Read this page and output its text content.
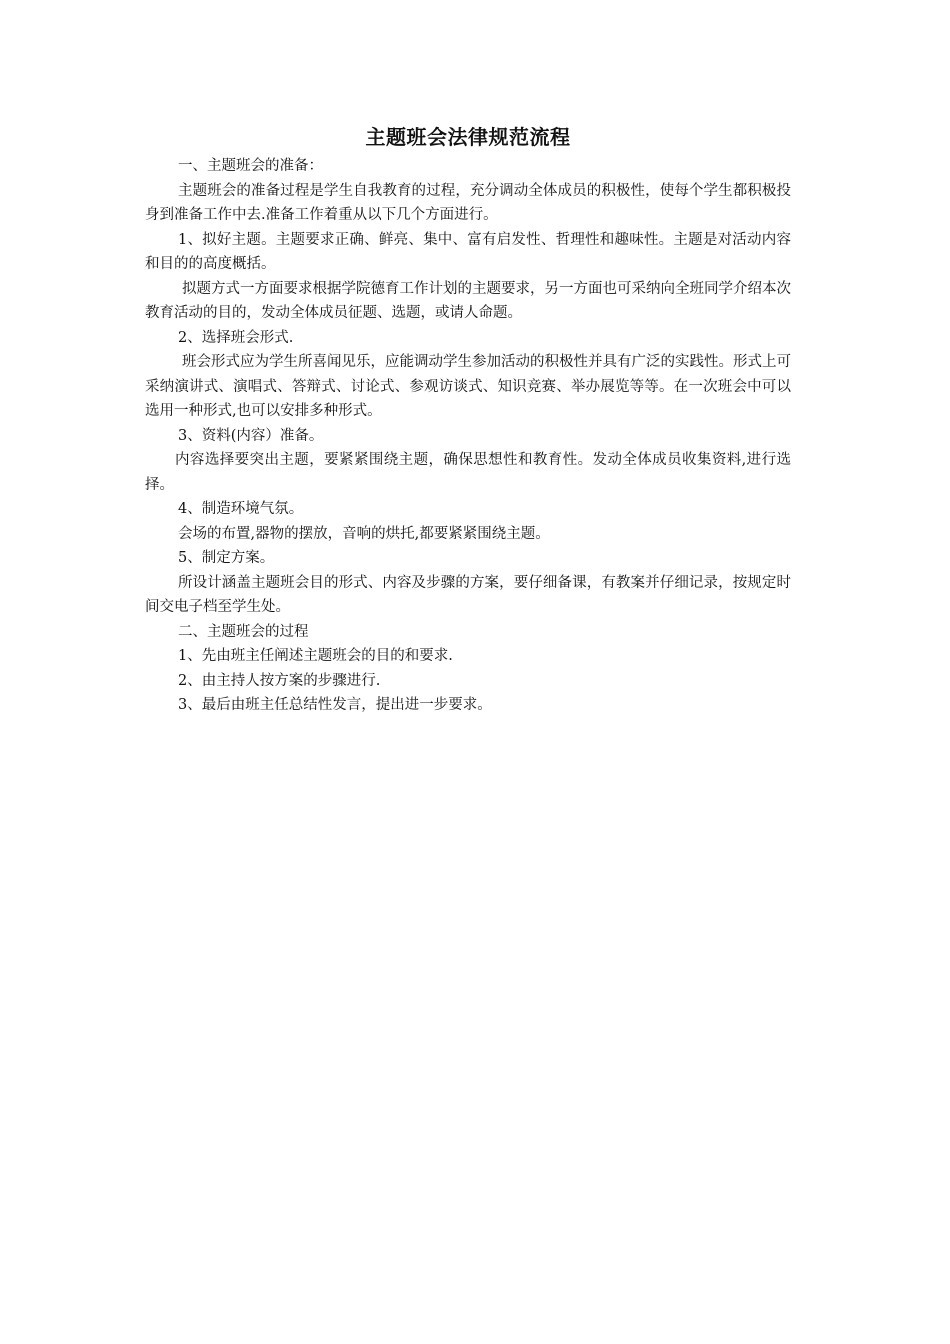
主题班会法律规范流程

一、主题班会的准备：

主题班会的准备过程是学生自我教育的过程，充分调动全体成员的积极性，使每个学生都积极投身到准备工作中去.准备工作着重从以下几个方面进行。

1、拟好主题。主题要求正确、鲜亮、集中、富有启发性、哲理性和趣味性。主题是对活动内容和目的的高度概括。

拟题方式一方面要求根据学院德育工作计划的主题要求，另一方面也可采纳向全班同学介绍本次教育活动的目的，发动全体成员征题、选题，或请人命题。

2、选择班会形式.

班会形式应为学生所喜闻见乐，应能调动学生参加活动的积极性并具有广泛的实践性。形式上可采纳演讲式、演唱式、答辩式、讨论式、参观访谈式、知识竞赛、举办展览等等。在一次班会中可以选用一种形式,也可以安排多种形式。

3、资料(内容）准备。

内容选择要突出主题，要紧紧围绕主题，确保思想性和教育性。发动全体成员收集资料,进行选择。

4、制造环境气氛。

会场的布置,器物的摆放，音响的烘托,都要紧紧围绕主题。

5、制定方案。

所设计涵盖主题班会目的形式、内容及步骤的方案，要仔细备课，有教案并仔细记录，按规定时间交电子档至学生处。

二、主题班会的过程

1、先由班主任阐述主题班会的目的和要求.

2、由主持人按方案的步骤进行.

3、最后由班主任总结性发言，提出进一步要求。
